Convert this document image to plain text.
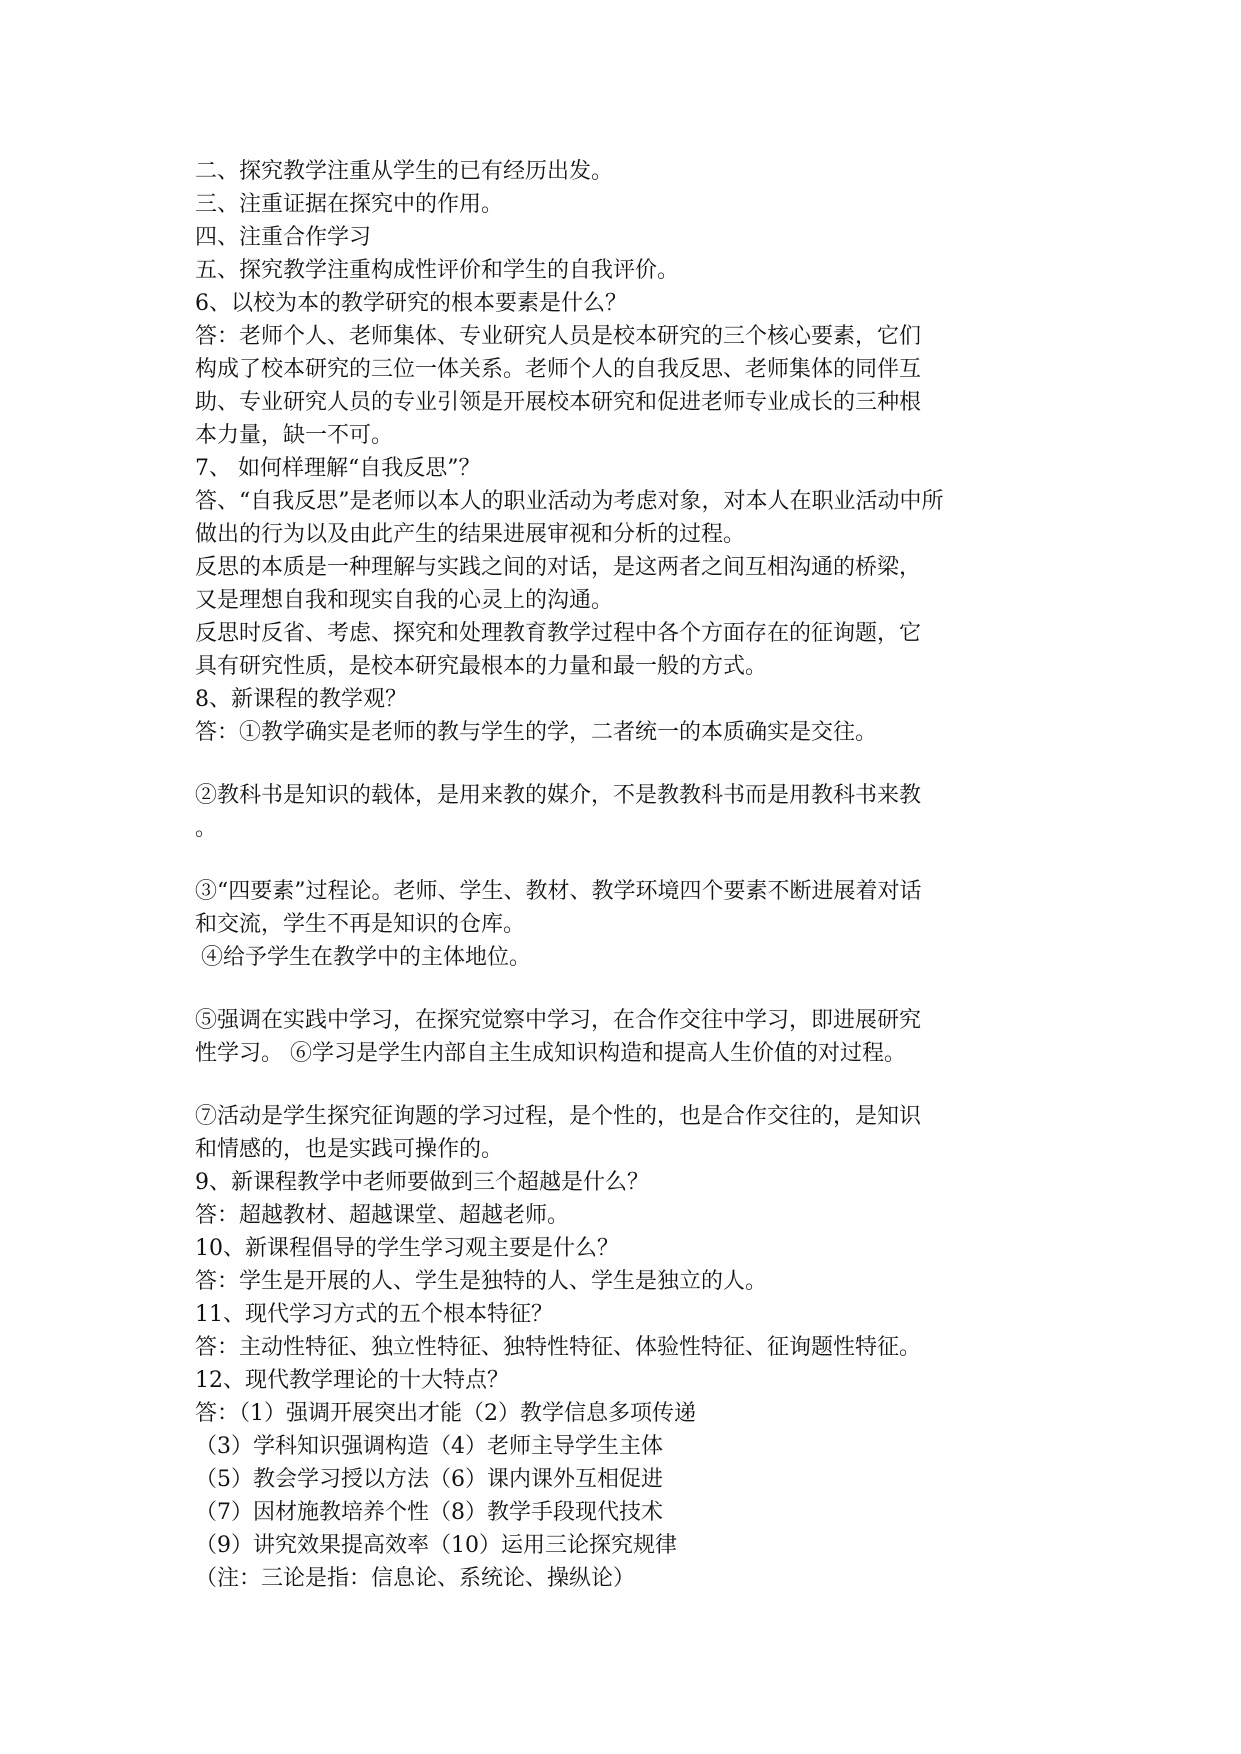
二、探究教学注重从学生的已有经历出发。
三、注重证据在探究中的作用。
四、注重合作学习
五、探究教学注重构成性评价和学生的自我评价。
6、以校为本的教学研究的根本要素是什么？
答：老师个人、老师集体、专业研究人员是校本研究的三个核心要素，它们
构成了校本研究的三位一体关系。老师个人的自我反思、老师集体的同伴互
助、专业研究人员的专业引领是开展校本研究和促进老师专业成长的三种根
本力量，缺一不可。
7、 如何样理解“自我反思”？
答、“自我反思”是老师以本人的职业活动为考虑对象，对本人在职业活动中所
做出的行为以及由此产生的结果进展审视和分析的过程。
反思的本质是一种理解与实践之间的对话，是这两者之间互相沟通的桥梁，
又是理想自我和现实自我的心灵上的沟通。
反思时反省、考虑、探究和处理教育教学过程中各个方面存在的征询题，它
具有研究性质，是校本研究最根本的力量和最一般的方式。
8、新课程的教学观？
答：①教学确实是老师的教与学生的学，二者统一的本质确实是交往。
②教科书是知识的载体，是用来教的媒介，不是教教科书而是用教科书来教
。
③“四要素”过程论。老师、学生、教材、教学环境四个要素不断进展着对话
和交流，学生不再是知识的仓库。
④给予学生在教学中的主体地位。
⑤强调在实践中学习，在探究觉察中学习，在合作交往中学习，即进展研究
性学习。 ⑥学习是学生内部自主生成知识构造和提高人生价值的对过程。
⑦活动是学生探究征询题的学习过程，是个性的，也是合作交往的，是知识
和情感的，也是实践可操作的。
9、新课程教学中老师要做到三个超越是什么？
答：超越教材、超越课堂、超越老师。
10、新课程倡导的学生学习观主要是什么？
答：学生是开展的人、学生是独特的人、学生是独立的人。
11、现代学习方式的五个根本特征？
答：主动性特征、独立性特征、独特性特征、体验性特征、征询题性特征。
12、现代教学理论的十大特点？
答：（1）强调开展突出才能（2）教学信息多项传递
（3）学科知识强调构造（4）老师主导学生主体
（5）教会学习授以方法（6）课内课外互相促进
（7）因材施教培养个性（8）教学手段现代技术
（9）讲究效果提高效率（10）运用三论探究规律
（注：三论是指：信息论、系统论、操纵论）
